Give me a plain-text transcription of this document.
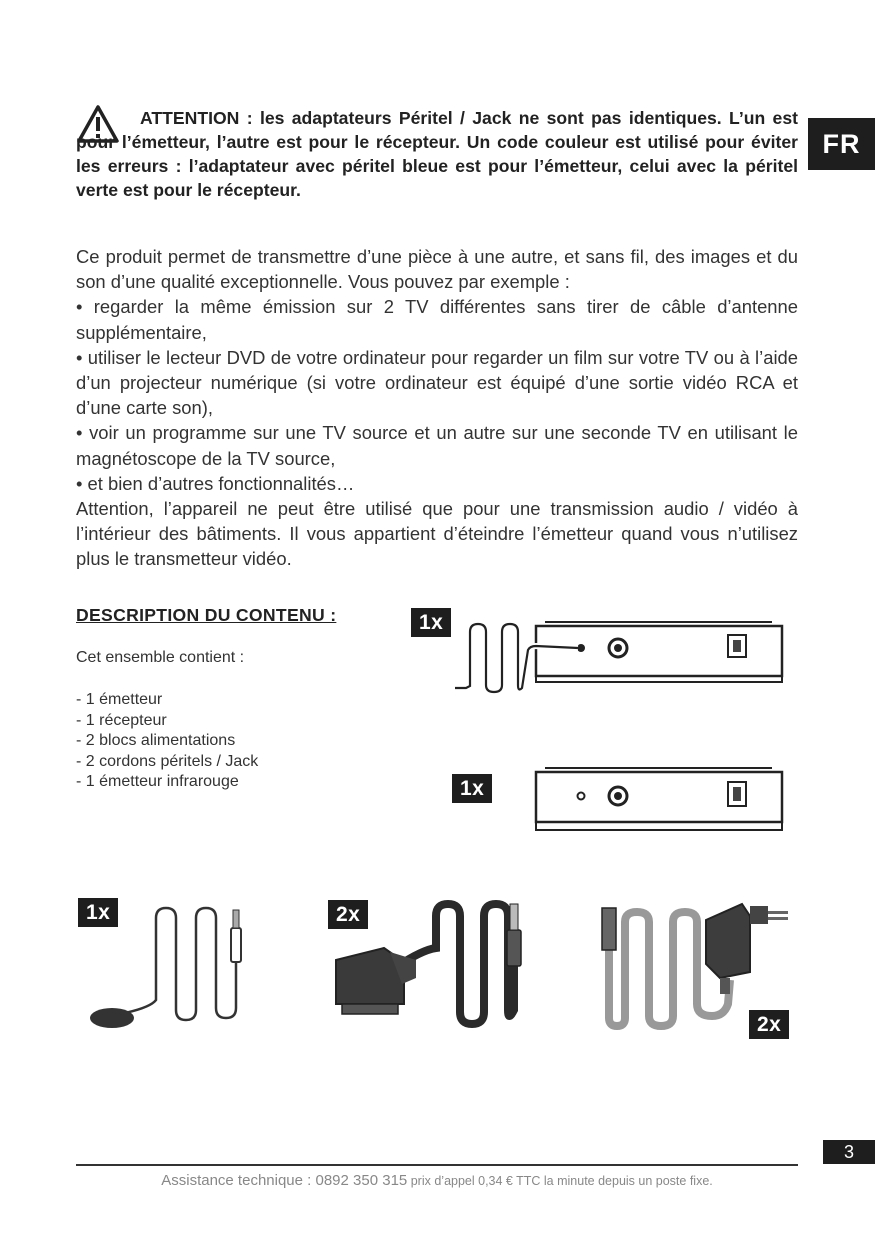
FR

ATTENTION : les adaptateurs Péritel / Jack ne sont pas identiques. L’un est pour l’émetteur, l’autre est pour le récepteur. Un code couleur est utilisé pour éviter les erreurs : l’adaptateur avec péritel bleue est pour l’émetteur, celui avec la péritel verte est pour le récepteur.

Ce produit permet de transmettre d’une pièce à une autre, et sans fil, des images et du son d’une qualité exceptionnelle. Vous pouvez par exemple :

• regarder la même émission sur 2 TV différentes sans tirer de câble d’antenne supplémentaire,

• utiliser le lecteur DVD de votre ordinateur pour regarder un film sur votre TV ou à l’aide d’un projecteur numérique (si votre ordinateur est équipé d’une sortie vidéo RCA et d’une carte son),

• voir un programme sur une TV source et un autre sur une seconde TV en utilisant le magnétoscope de la TV source,

• et bien d’autres fonctionnalités…

Attention, l’appareil ne peut être utilisé que pour une transmission audio / vidéo à l’intérieur des bâtiments. Il vous appartient d’éteindre l’émetteur quand vous n’utilisez plus le transmetteur vidéo.

DESCRIPTION DU CONTENU :
Cet ensemble contient :
- 1 émetteur
- 1 récepteur
- 2 blocs alimentations
- 2 cordons péritels / Jack
- 1 émetteur infrarouge
1x
1x
1x	2x
2x
3
Assistance technique : 0892 350 315 prix d’appel 0,34 € TTC la minute depuis un poste fixe.
